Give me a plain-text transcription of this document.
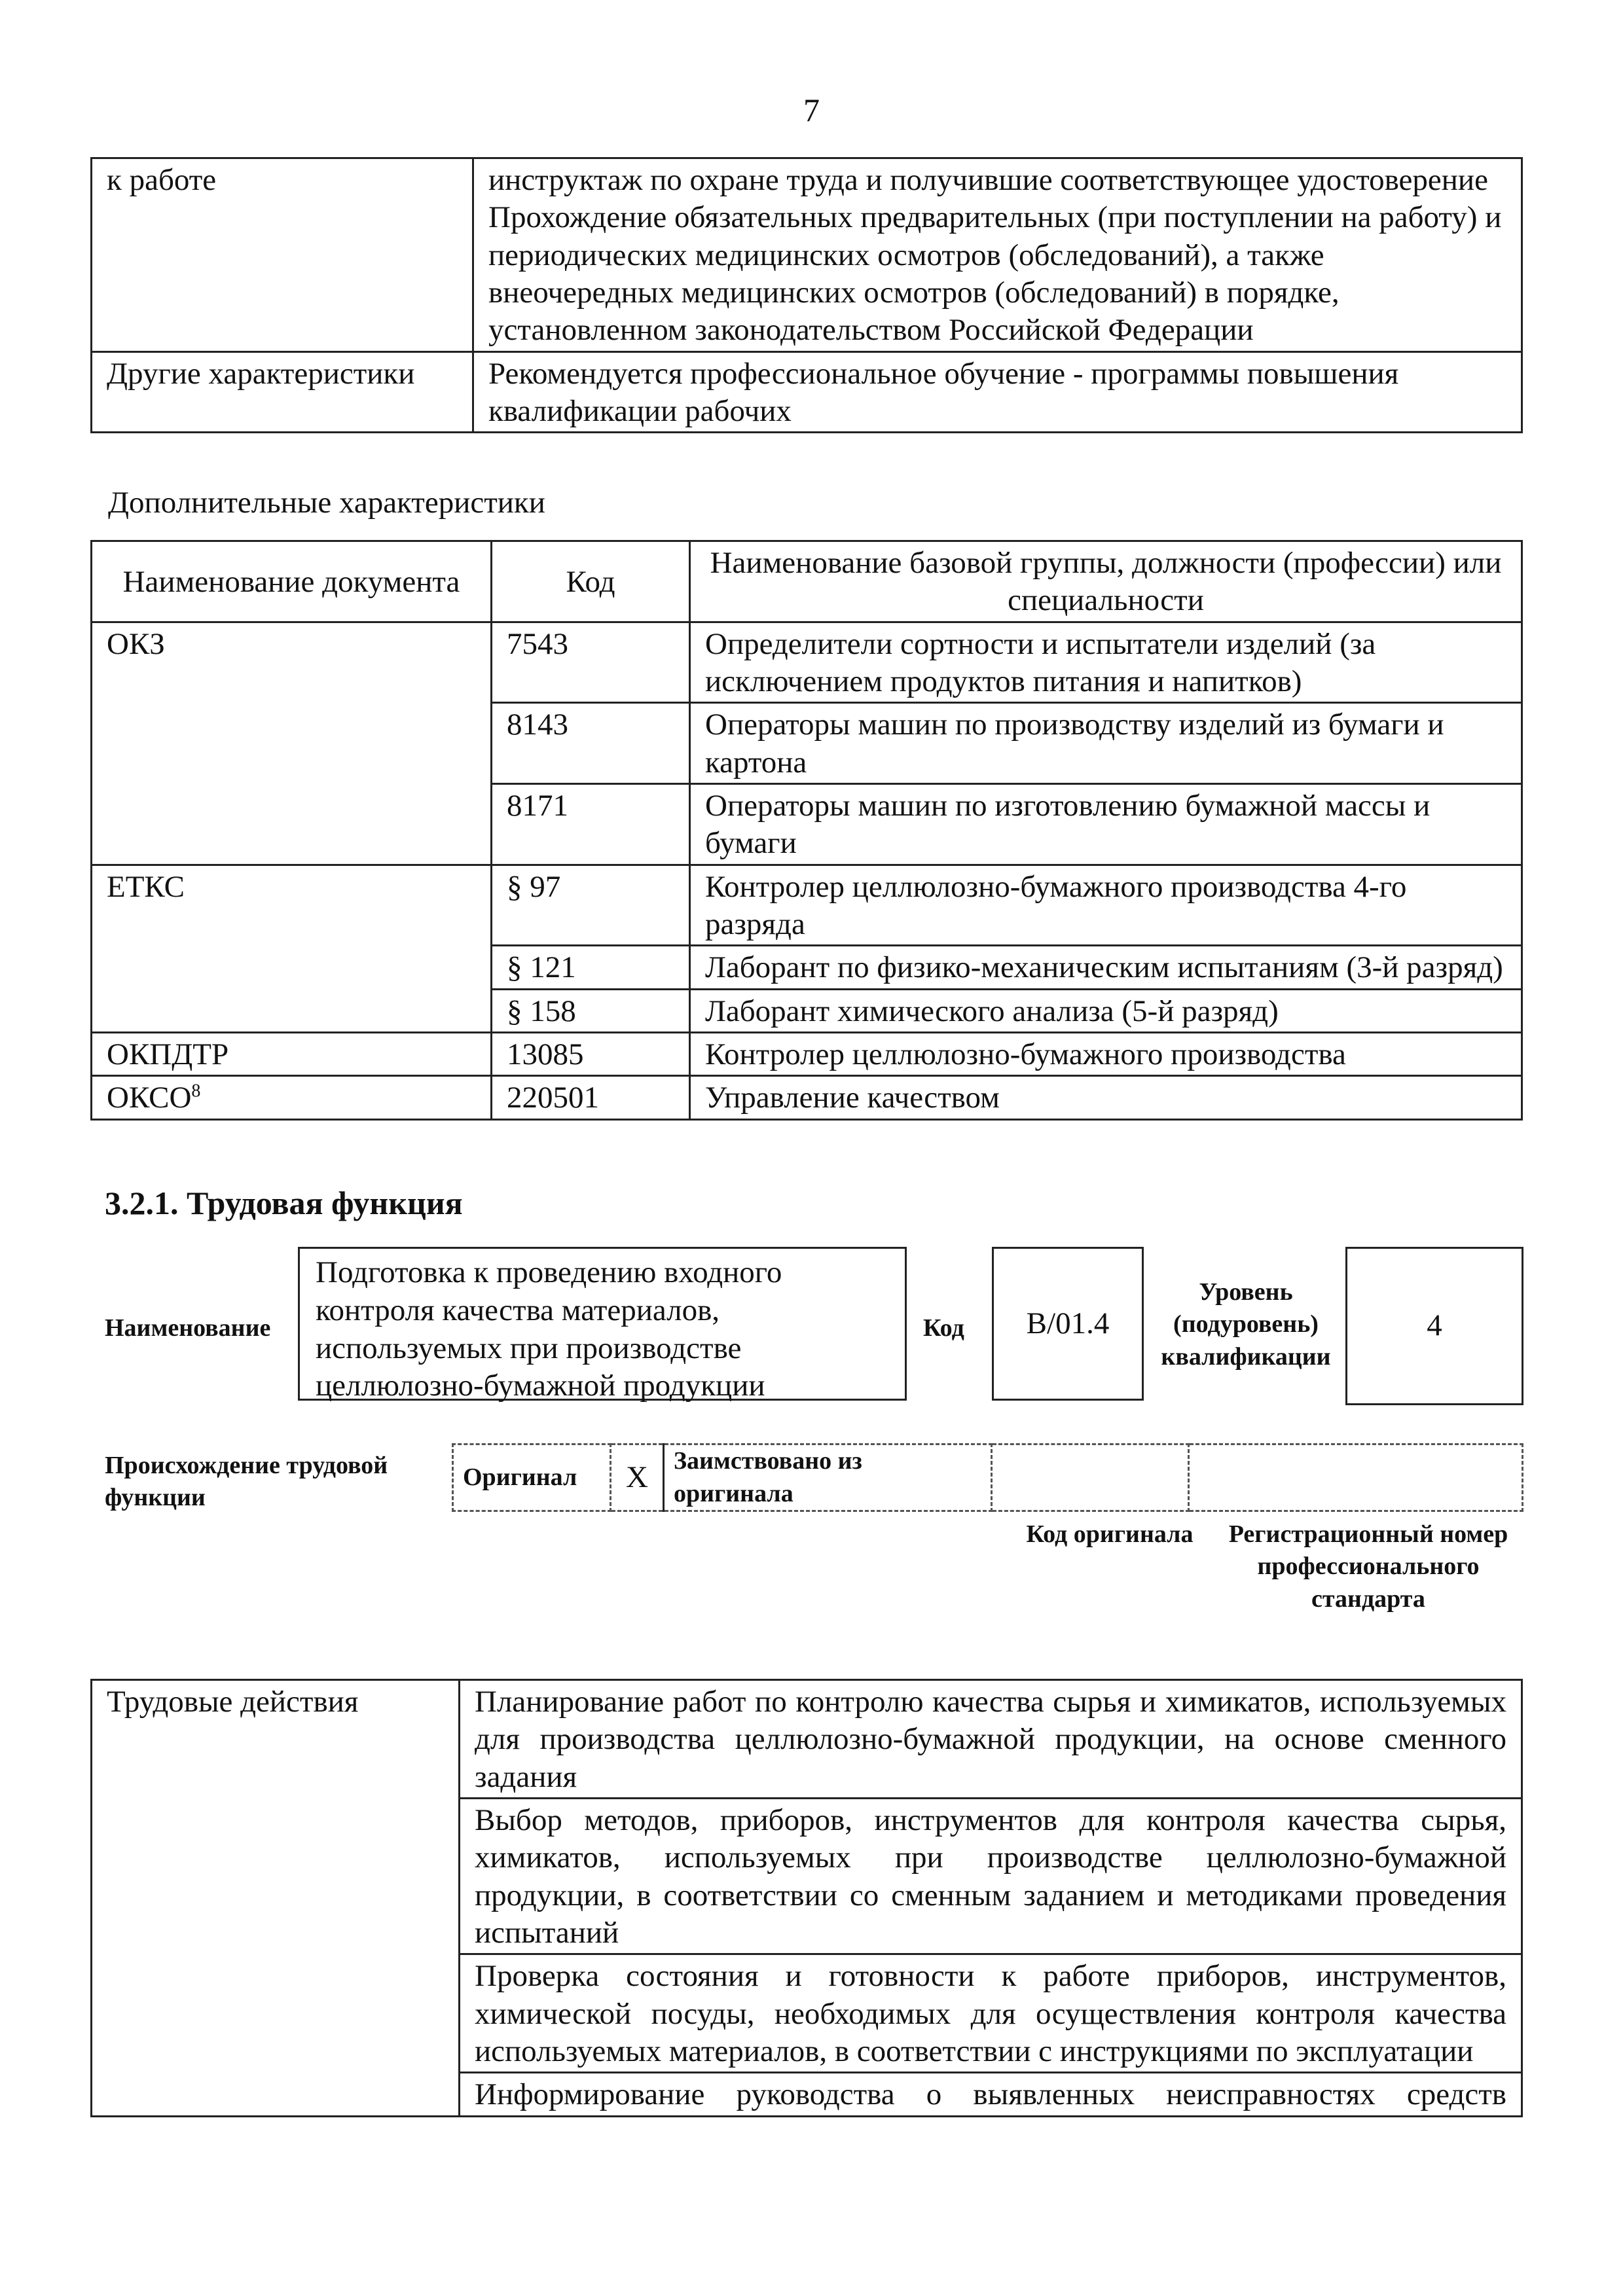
7
к работе	инструктаж по охране труда и получившие соответствующее удостоверение
Прохождение обязательных предварительных (при поступлении на работу) и периодических медицинских осмотров (обследований), а также внеочередных медицинских осмотров (обследований) в порядке, установленном законодательством Российской Федерации
Другие характеристики	Рекомендуется профессиональное обучение - программы повышения квалификации рабочих
Дополнительные характеристики
Наименование документа	Код	Наименование базовой группы, должности (профессии) или специальности
ОКЗ	7543	Определители сортности и испытатели изделий (за исключением продуктов питания и напитков)
	8143	Операторы машин по производству изделий из бумаги и картона
	8171	Операторы машин по изготовлению бумажной массы и бумаги
ЕТКС	§ 97	Контролер целлюлозно-бумажного производства 4-го разряда
	§ 121	Лаборант по физико-механическим испытаниям (3-й разряд)
	§ 158	Лаборант химического анализа (5-й разряд)
ОКПДТР	13085	Контролер целлюлозно-бумажного производства
ОКСО$^8$	220501	Управление качеством
3.2.1. Трудовая функция
Наименование
Подготовка к проведению входного контроля качества материалов, используемых при производстве целлюлозно-бумажной продукции
Код	B/01.4
Уровень (подуровень) квалификации
4
Происхождение трудовой функции
Оригинал	X	Заимствовано из оригинала		
Код оригинала	Регистрационный номер профессионального стандарта
Трудовые действия	Планирование работ по контролю качества сырья и химикатов, используемых для производства целлюлозно-бумажной продукции, на основе сменного задания
Выбор методов, приборов, инструментов для контроля качества сырья, химикатов, используемых при производстве целлюлозно-бумажной продукции, в соответствии со сменным заданием и методиками проведения испытаний
Проверка состояния и готовности к работе приборов, инструментов, химической посуды, необходимых для осуществления контроля качества используемых материалов, в соответствии с инструкциями по эксплуатации
Информирование руководства о выявленных неисправностях средств
